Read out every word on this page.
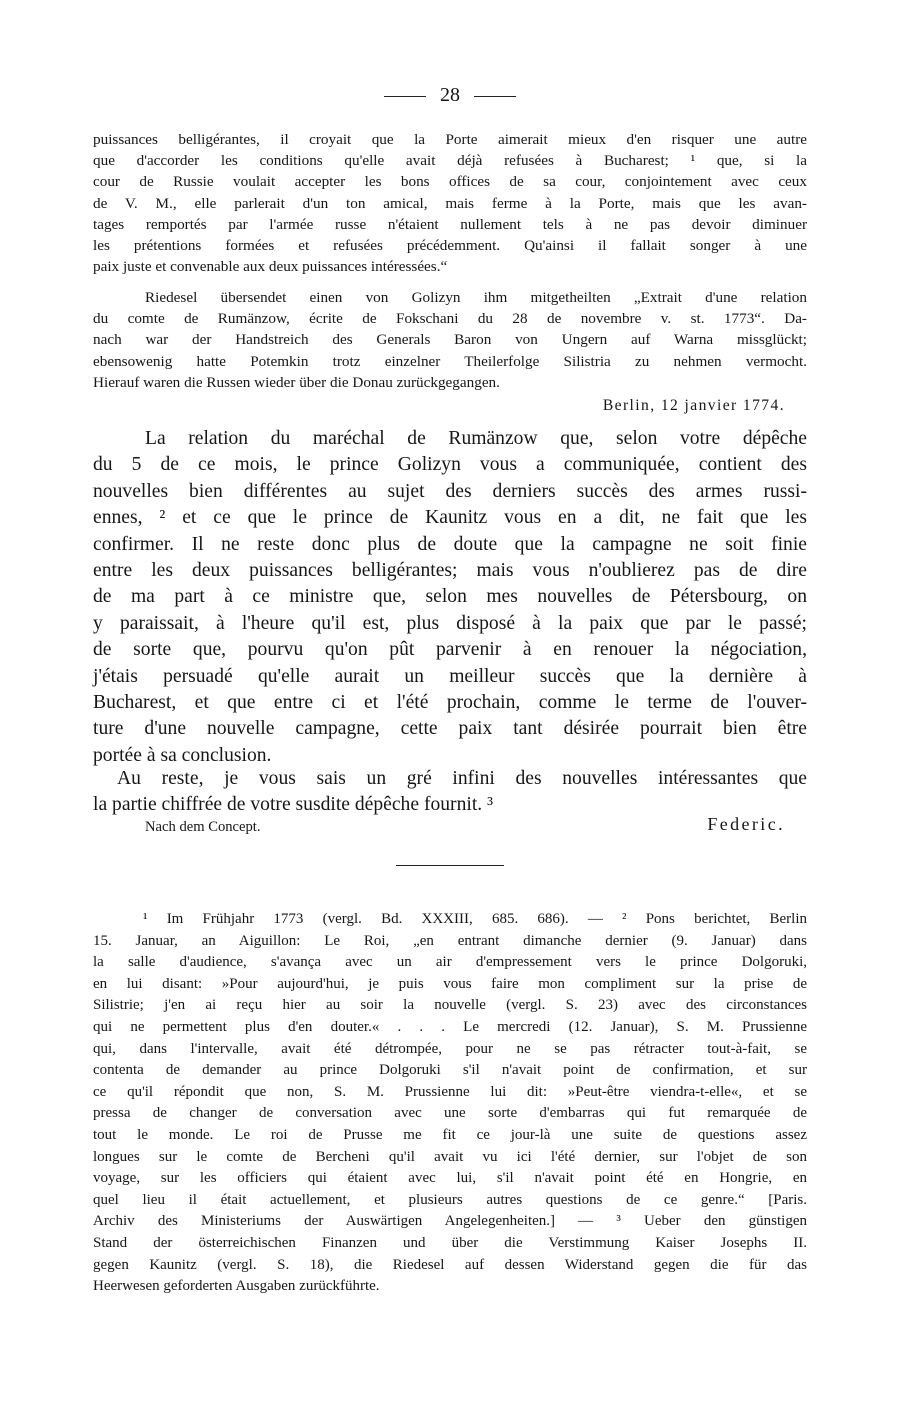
28
puissances belligérantes, il croyait que la Porte aimerait mieux d'en risquer une autre
que d'accorder les conditions qu'elle avait déjà refusées à Bucharest; ¹ que, si la
cour de Russie voulait accepter les bons offices de sa cour, conjointement avec ceux
de V. M., elle parlerait d'un ton amical, mais ferme à la Porte, mais que les avan-
tages remportés par l'armée russe n'étaient nullement tels à ne pas devoir diminuer
les prétentions formées et refusées précédemment. Qu'ainsi il fallait songer à une
paix juste et convenable aux deux puissances intéressées.“
Riedesel übersendet einen von Golizyn ihm mitgetheilten „Extrait d'une relation
du comte de Rumänzow, écrite de Fokschani du 28 de novembre v. st. 1773“. Da-
nach war der Handstreich des Generals Baron von Ungern auf Warna missglückt;
ebensowenig hatte Potemkin trotz einzelner Theilerfolge Silistria zu nehmen vermocht.
Hierauf waren die Russen wieder über die Donau zurückgegangen.
Berlin, 12 janvier 1774.
La relation du maréchal de Rumänzow que, selon votre dépêche
du 5 de ce mois, le prince Golizyn vous a communiquée, contient des
nouvelles bien différentes au sujet des derniers succès des armes russi-
ennes, ² et ce que le prince de Kaunitz vous en a dit, ne fait que les
confirmer. Il ne reste donc plus de doute que la campagne ne soit finie
entre les deux puissances belligérantes; mais vous n'oublierez pas de dire
de ma part à ce ministre que, selon mes nouvelles de Pétersbourg, on
y paraissait, à l'heure qu'il est, plus disposé à la paix que par le passé;
de sorte que, pourvu qu'on pût parvenir à en renouer la négociation,
j'étais persuadé qu'elle aurait un meilleur succès que la dernière à
Bucharest, et que entre ci et l'été prochain, comme le terme de l'ouver-
ture d'une nouvelle campagne, cette paix tant désirée pourrait bien être
portée à sa conclusion.
Au reste, je vous sais un gré infini des nouvelles intéressantes que
la partie chiffrée de votre susdite dépêche fournit. ³
Nach dem Concept.	Federic.
¹ Im Frühjahr 1773 (vergl. Bd. XXXIII, 685. 686). — ² Pons berichtet, Berlin
15. Januar, an Aiguillon: Le Roi, „en entrant dimanche dernier (9. Januar) dans
la salle d'audience, s'avança avec un air d'empressement vers le prince Dolgoruki,
en lui disant: »Pour aujourd'hui, je puis vous faire mon compliment sur la prise de
Silistrie; j'en ai reçu hier au soir la nouvelle (vergl. S. 23) avec des circonstances
qui ne permettent plus d'en douter.« . . . Le mercredi (12. Januar), S. M. Prussienne
qui, dans l'intervalle, avait été détrompée, pour ne se pas rétracter tout-à-fait, se
contenta de demander au prince Dolgoruki s'il n'avait point de confirmation, et sur
ce qu'il répondit que non, S. M. Prussienne lui dit: »Peut-être viendra-t-elle«, et se
pressa de changer de conversation avec une sorte d'embarras qui fut remarquée de
tout le monde. Le roi de Prusse me fit ce jour-là une suite de questions assez
longues sur le comte de Bercheni qu'il avait vu ici l'été dernier, sur l'objet de son
voyage, sur les officiers qui étaient avec lui, s'il n'avait point été en Hongrie, en
quel lieu il était actuellement, et plusieurs autres questions de ce genre.“ [Paris.
Archiv des Ministeriums der Auswärtigen Angelegenheiten.] — ³ Ueber den günstigen
Stand der österreichischen Finanzen und über die Verstimmung Kaiser Josephs II.
gegen Kaunitz (vergl. S. 18), die Riedesel auf dessen Widerstand gegen die für das
Heerwesen geforderten Ausgaben zurückführte.
